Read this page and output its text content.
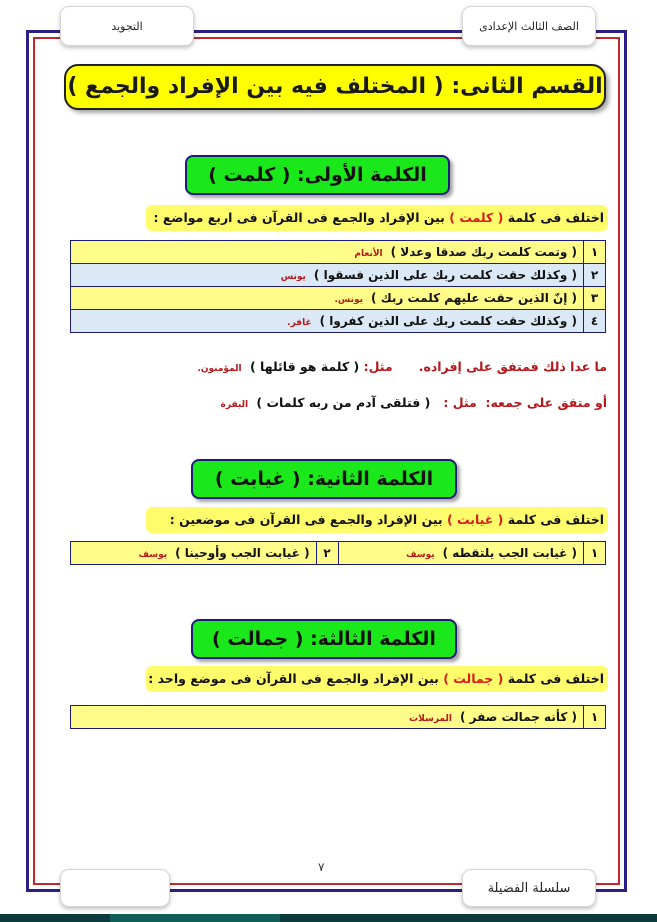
التجويد	الصف الثالث الإعدادى
القسم الثانى: ( المختلف فيه بين الإفراد والجمع )
الكلمة الأولى: ( كلمت )
اختلف فى كلمة ( كلمت ) بين الإفراد والجمع فى القرآن فى اربع مواضع :
١	( وتمت كلمت ربك صدقا وعدلا )الأنعام
٢	( وكذلك حقت كلمت ربك على الذين فسقوا )يونس
٣	( إنّ الذين حقت عليهم كلمت ربك )يونس.
٤	( وكذلك حقت كلمت ربك على الذين كفروا )غافر.
ما عدا ذلك فمتفق على إفراده.      مثل: ( كلمة هو قائلها ) المؤمنون.
أو متفق على جمعه:  مثل :   ( فتلقى آدم من ربه كلمات ) البقرة
الكلمة الثانية: ( غيابت )
اختلف فى كلمة ( غيابت ) بين الإفراد والجمع فى القرآن فى موضعين :
١	( غيابت الجب يلتقطه )يوسف	٢	( غيابت الجب وأوحينا )يوسف
الكلمة الثالثة: ( جمالت )
اختلف فى كلمة ( جمالت ) بين الإفراد والجمع فى القرآن فى موضع واحد :
١	( كأنه جمالت صفر )المرسلات
٧
سلسلة الفضيلة
